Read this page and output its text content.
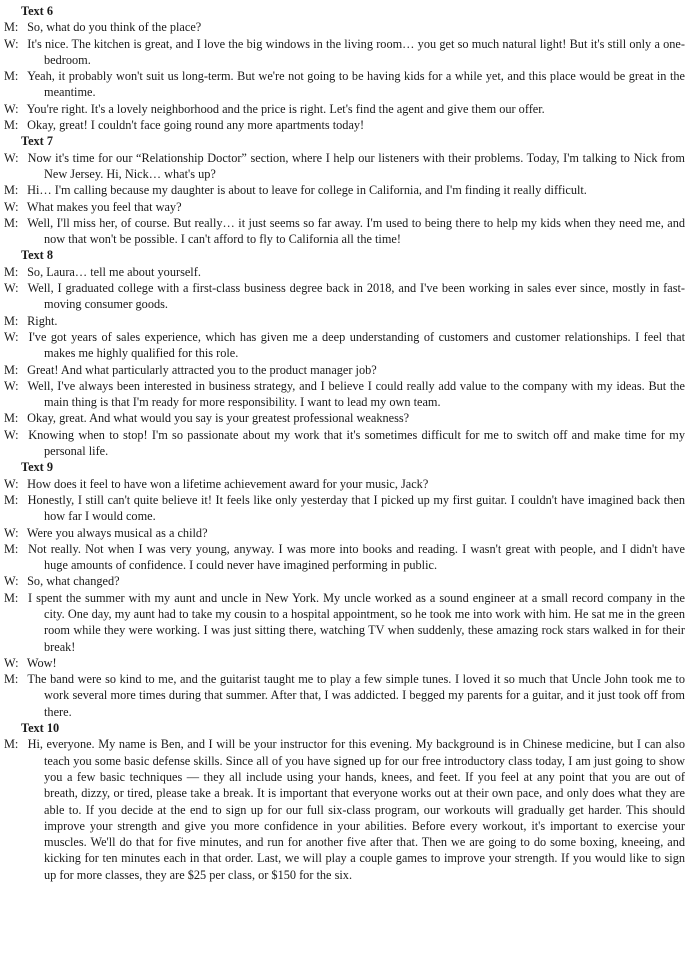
Text 6

M: So, what do you think of the place?

W: It's nice. The kitchen is great, and I love the big windows in the living room… you get so much natural light! But it's still only a one-bedroom.

M: Yeah, it probably won't suit us long-term. But we're not going to be having kids for a while yet, and this place would be great in the meantime.

W: You're right. It's a lovely neighborhood and the price is right. Let's find the agent and give them our offer.

M: Okay, great! I couldn't face going round any more apartments today!

Text 7

W: Now it's time for our “Relationship Doctor” section, where I help our listeners with their problems. Today, I'm talking to Nick from New Jersey. Hi, Nick… what's up?

M: Hi… I'm calling because my daughter is about to leave for college in California, and I'm finding it really difficult.

W: What makes you feel that way?

M: Well, I'll miss her, of course. But really… it just seems so far away. I'm used to being there to help my kids when they need me, and now that won't be possible. I can't afford to fly to California all the time!

Text 8

M: So, Laura… tell me about yourself.

W: Well, I graduated college with a first-class business degree back in 2018, and I've been working in sales ever since, mostly in fast-moving consumer goods.

M: Right.

W: I've got years of sales experience, which has given me a deep understanding of customers and customer relationships. I feel that makes me highly qualified for this role.

M: Great! And what particularly attracted you to the product manager job?

W: Well, I've always been interested in business strategy, and I believe I could really add value to the company with my ideas. But the main thing is that I'm ready for more responsibility. I want to lead my own team.

M: Okay, great. And what would you say is your greatest professional weakness?

W: Knowing when to stop! I'm so passionate about my work that it's sometimes difficult for me to switch off and make time for my personal life.

Text 9

W: How does it feel to have won a lifetime achievement award for your music, Jack?

M: Honestly, I still can't quite believe it! It feels like only yesterday that I picked up my first guitar. I couldn't have imagined back then how far I would come.

W: Were you always musical as a child?

M: Not really. Not when I was very young, anyway. I was more into books and reading. I wasn't great with people, and I didn't have huge amounts of confidence. I could never have imagined performing in public.

W: So, what changed?

M: I spent the summer with my aunt and uncle in New York. My uncle worked as a sound engineer at a small record company in the city. One day, my aunt had to take my cousin to a hospital appointment, so he took me into work with him. He sat me in the green room while they were working. I was just sitting there, watching TV when suddenly, these amazing rock stars walked in for their break!

W: Wow!

M: The band were so kind to me, and the guitarist taught me to play a few simple tunes. I loved it so much that Uncle John took me to work several more times during that summer. After that, I was addicted. I begged my parents for a guitar, and it just took off from there.

Text 10

M: Hi, everyone. My name is Ben, and I will be your instructor for this evening. My background is in Chinese medicine, but I can also teach you some basic defense skills. Since all of you have signed up for our free introductory class today, I am just going to show you a few basic techniques — they all include using your hands, knees, and feet. If you feel at any point that you are out of breath, dizzy, or tired, please take a break. It is important that everyone works out at their own pace, and only does what they are able to. If you decide at the end to sign up for our full six-class program, our workouts will gradually get harder. This should improve your strength and give you more confidence in your abilities. Before every workout, it's important to exercise your muscles. We'll do that for five minutes, and run for another five after that. Then we are going to do some boxing, kneeing, and kicking for ten minutes each in that order. Last, we will play a couple games to improve your strength. If you would like to sign up for more classes, they are $25 per class, or $150 for the six.
